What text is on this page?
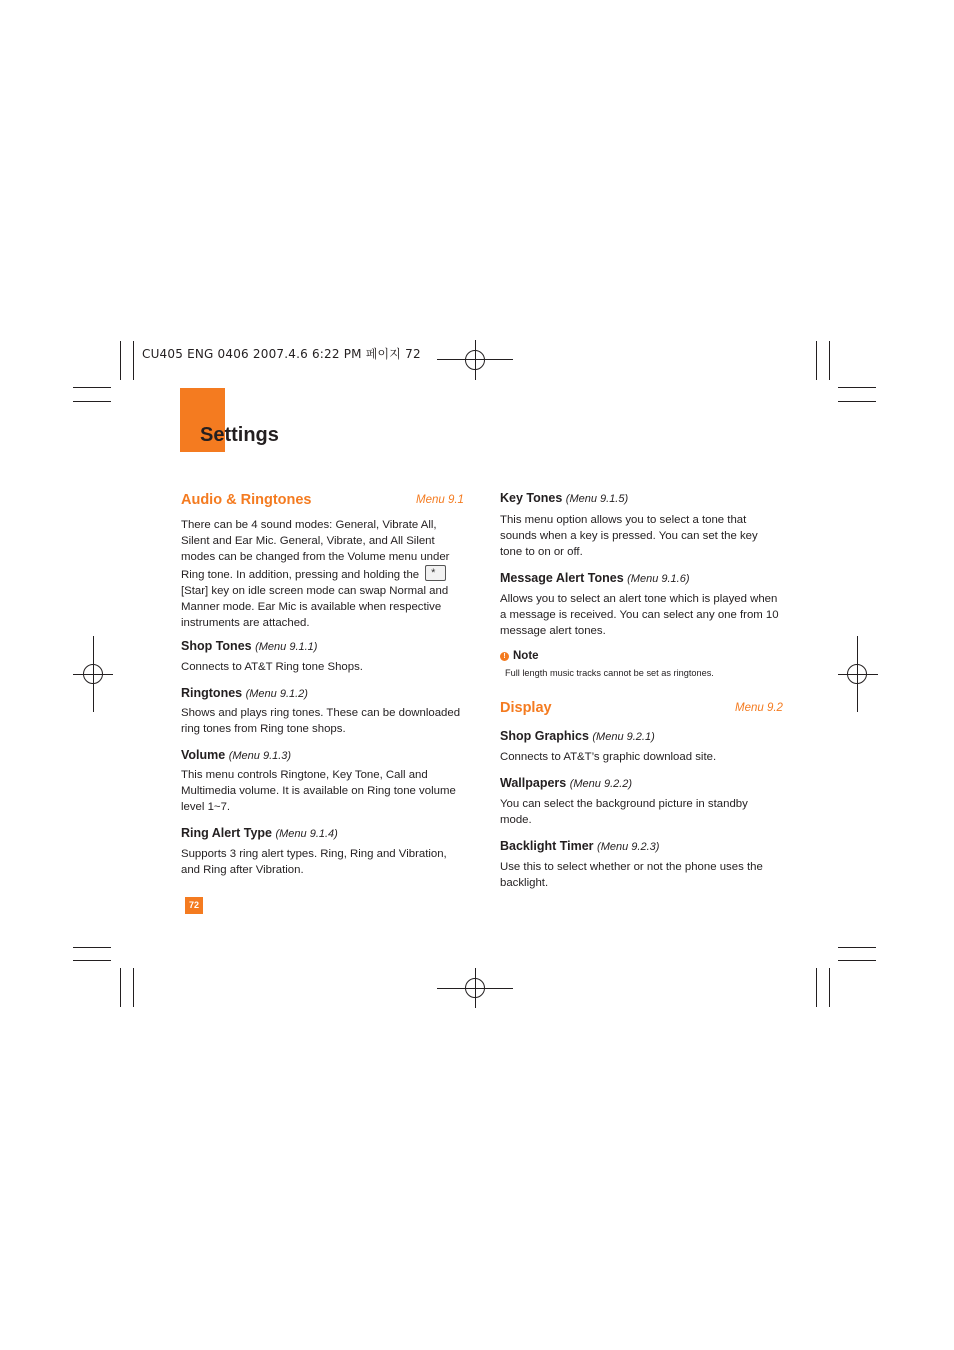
CU405 ENG 0406 2007.4.6 6:22 PM 페이지 72
Settings
Audio & Ringtones	Menu 9.1
There can be 4 sound modes: General, Vibrate All, Silent and Ear Mic. General, Vibrate, and All Silent modes can be changed from the Volume menu under Ring tone. In addition, pressing and holding the* [Star] key on idle screen mode can swap Normal and Manner mode. Ear Mic is available when respective instruments are attached.
Shop Tones (Menu 9.1.1)
Connects to AT&T Ring tone Shops.
Ringtones (Menu 9.1.2)
Shows and plays ring tones. These can be downloaded ring tones from Ring tone shops.
Volume (Menu 9.1.3)
This menu controls Ringtone, Key Tone, Call and Multimedia volume. It is available on Ring tone volume level 1~7.
Ring Alert Type (Menu 9.1.4)
Supports 3 ring alert types. Ring, Ring and Vibration, and Ring after Vibration.
72
Key Tones (Menu 9.1.5)
This menu option allows you to select a tone that sounds when a key is pressed. You can set the key tone to on or off.
Message Alert Tones (Menu 9.1.6)
Allows you to select an alert tone which is played when a message is received. You can select any one from 10 message alert tones.
! Note
Full length music tracks cannot be set as ringtones.
Display	Menu 9.2
Shop Graphics (Menu 9.2.1)
Connects to AT&T’s graphic download site.
Wallpapers (Menu 9.2.2)
You can select the background picture in standby mode.
Backlight Timer (Menu 9.2.3)
Use this to select whether or not the phone uses the backlight.
